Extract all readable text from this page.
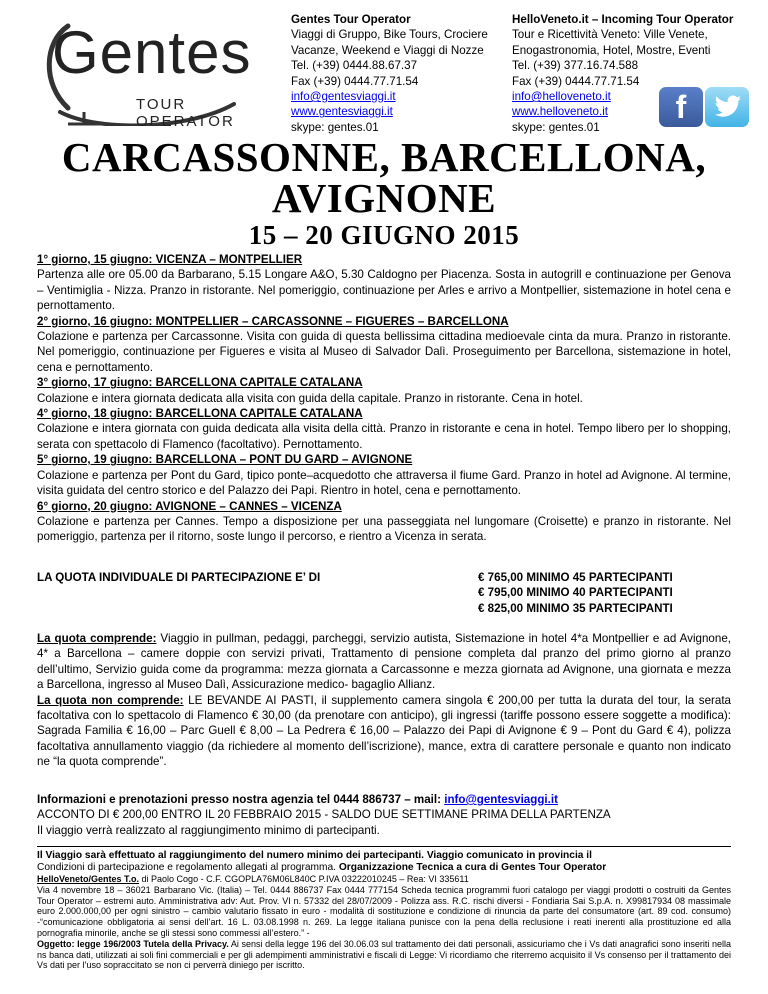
Gentes
TOUR OPERATOR
Gentes Tour Operator
Viaggi di Gruppo, Bike Tours, Crociere
Vacanze, Weekend e Viaggi di Nozze
Tel. (+39) 0444.88.67.37
Fax (+39) 0444.77.71.54
info@gentesviaggi.it
www.gentesviaggi.it
skype: gentes.01
HelloVeneto.it – Incoming Tour Operator
Tour e Ricettività Veneto: Ville Venete,
Enogastronomia, Hotel, Mostre, Eventi
Tel. (+39) 377.16.74.588
Fax (+39) 0444.77.71.54
info@helloveneto.it
www.helloveneto.it
skype: gentes.01
f
CARCASSONNE, BARCELLONA,
AVIGNONE
15 – 20 GIUGNO 2015
1° giorno, 15 giugno: VICENZA – MONTPELLIER
Partenza alle ore 05.00 da Barbarano, 5.15 Longare A&O, 5.30 Caldogno per Piacenza. Sosta in autogrill e continuazione per Genova – Ventimiglia - Nizza. Pranzo in ristorante. Nel pomeriggio, continuazione per Arles e arrivo a Montpellier, sistemazione in hotel cena e pernottamento.
2° giorno, 16 giugno: MONTPELLIER – CARCASSONNE – FIGUERES – BARCELLONA
Colazione e partenza per Carcassonne. Visita con guida di questa bellissima cittadina medioevale cinta da mura. Pranzo in ristorante. Nel pomeriggio, continuazione per Figueres e visita al Museo di Salvador Dalì. Proseguimento per Barcellona, sistemazione in hotel, cena e pernottamento.
3° giorno, 17 giugno: BARCELLONA CAPITALE CATALANA
Colazione e intera giornata dedicata alla visita con guida della capitale. Pranzo in ristorante. Cena in hotel.
4° giorno, 18 giugno: BARCELLONA CAPITALE CATALANA
Colazione e intera giornata con guida dedicata alla visita della città. Pranzo in ristorante e cena in hotel. Tempo libero per lo shopping, serata con spettacolo di Flamenco (facoltativo). Pernottamento.
5° giorno, 19 giugno: BARCELLONA – PONT DU GARD – AVIGNONE
Colazione e partenza per Pont du Gard, tipico ponte–acquedotto che attraversa il fiume Gard. Pranzo in hotel ad Avignone. Al termine, visita guidata del centro storico e del Palazzo dei Papi. Rientro in hotel, cena e pernottamento.
6° giorno, 20 giugno: AVIGNONE – CANNES – VICENZA
Colazione e partenza per Cannes. Tempo a disposizione per una passeggiata nel lungomare (Croisette) e pranzo in ristorante. Nel pomeriggio, partenza per il ritorno, soste lungo il percorso, e rientro a Vicenza in serata.
LA QUOTA INDIVIDUALE DI PARTECIPAZIONE E’ DI	€ 765,00 MINIMO 45 PARTECIPANTI
€ 795,00 MINIMO 40 PARTECIPANTI
€ 825,00 MINIMO 35 PARTECIPANTI
La quota comprende: Viaggio in pullman, pedaggi, parcheggi, servizio autista, Sistemazione in hotel 4*a Montpellier e ad Avignone, 4* a Barcellona – camere doppie con servizi privati, Trattamento di pensione completa dal pranzo del primo giorno al pranzo dell’ultimo, Servizio guida come da programma: mezza giornata a Carcassonne e mezza giornata ad Avignone, una giornata e mezza a Barcellona, ingresso al Museo Dalì, Assicurazione medico- bagaglio Allianz.
La quota non comprende: LE BEVANDE AI PASTI, il supplemento camera singola € 200,00 per tutta la durata del tour, la serata facoltativa con lo spettacolo di Flamenco € 30,00 (da prenotare con anticipo), gli ingressi (tariffe possono essere soggette a modifica): Sagrada Familia € 16,00 – Parc Guell € 8,00 – La Pedrera € 16,00 – Palazzo dei Papi di Avignone € 9 – Pont du Gard € 4), polizza facoltativa annullamento viaggio (da richiedere al momento dell’iscrizione), mance, extra di carattere personale e quanto non indicato ne “la quota comprende”.
Informazioni e prenotazioni presso nostra agenzia tel 0444 886737 – mail: info@gentesviaggi.it
ACCONTO DI € 200,00 ENTRO IL 20 FEBBRAIO 2015 - SALDO DUE SETTIMANE PRIMA DELLA PARTENZA
Il viaggio verrà realizzato al raggiungimento minimo di partecipanti.
Il Viaggio sarà effettuato al raggiungimento del numero minimo dei partecipanti. Viaggio comunicato in provincia il
Condizioni di partecipazione e regolamento allegati al programma. Organizzazione Tecnica a cura di Gentes Tour Operator
HelloVeneto/Gentes T.o. di Paolo Cogo - C.F. CGOPLA76M06L840C P.IVA 03222010245 – Rea: VI 335611
Via 4 novembre 18 – 36021 Barbarano Vic. (Italia) – Tel. 0444 886737 Fax 0444 777154 Scheda tecnica programmi fuori catalogo per viaggi prodotti o costruiti da Gentes Tour Operator – estremi auto. Amministrativa adv: Aut. Prov. VI n. 57332 del 28/07/2009 - Polizza ass. R.C. rischi diversi - Fondiaria Sai S.p.A. n. X99817934 08 massimale euro 2.000.000,00 per ogni sinistro – cambio valutario fissato in euro - modalità di sostituzione e condizione di rinuncia da parte del consumatore (art. 89 cod. consumo) -“comunicazione obbligatoria ai sensi dell’art. 16 L. 03.08.1998 n. 269. La legge italiana punisce con la pena della reclusione i reati inerenti alla prostituzione ed alla pornografia minorile, anche se gli stessi sono commessi all’estero.” -
Oggetto: legge 196/2003 Tutela della Privacy. Ai sensi della legge 196 del 30.06.03 sul trattamento dei dati personali, assicuriamo che i Vs dati anagrafici sono inseriti nella ns banca dati, utilizzati ai soli fini commerciali e per gli adempimenti amministrativi e fiscali di Legge: Vi ricordiamo che riterremo acquisito il Vs consenso per il trattamento dei Vs dati per l’uso sopraccitato se non ci perverrà diniego per iscritto.
